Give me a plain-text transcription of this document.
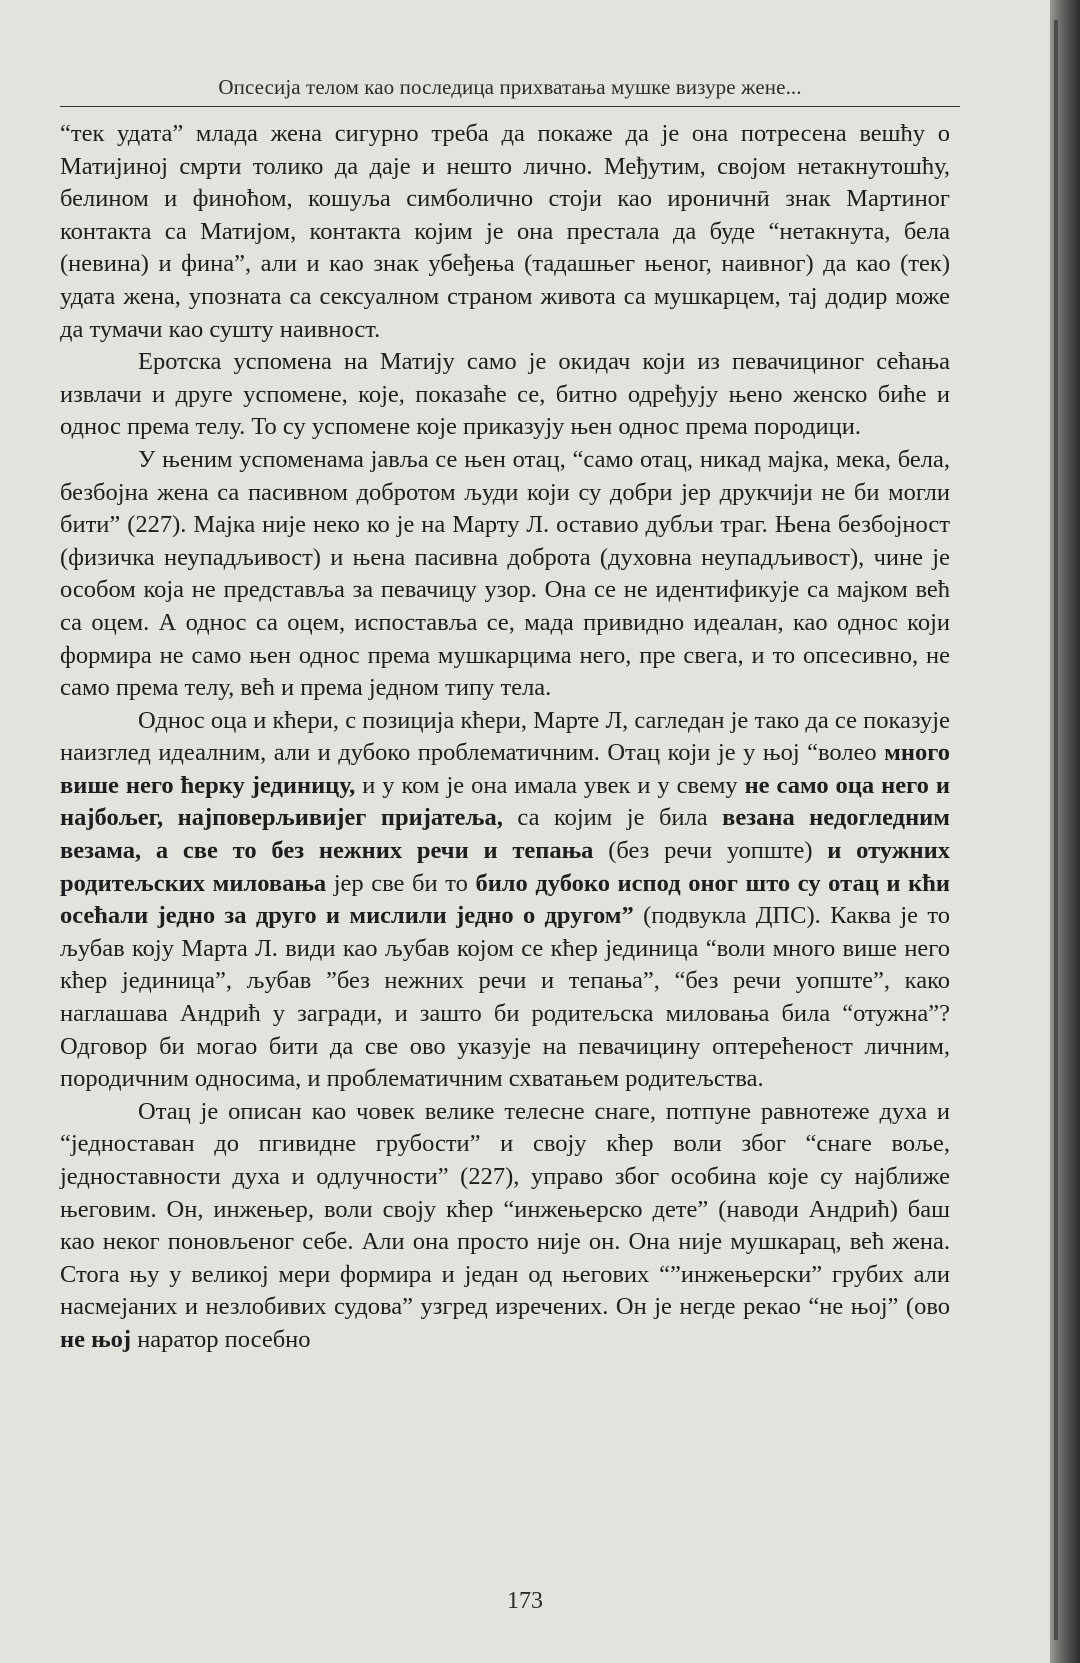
Опсесија телом као последица прихватања мушке визуре жене...

“тек удата” млада жена сигурно треба да покаже да је она потресена вешћу о Матијиној смрти толико да даје и нешто лично. Међутим, својом нетакнутошћу, белином и финоћом, кошуља симболично стоји као ироничнӣ знак Мартиног контакта са Матијом, контакта којим је она престала да буде “нетакнута, бела (невина) и фина”, али и као знак убеђења (тадашњег њеног, наивног) да као (тек) удата жена, упозната са сексуалном страном живота са мушкарцем, тај додир може да тумачи као сушту наивност.

Еротска успомена на Матију само је окидач који из певачициног сећања извлачи и друге успомене, које, показаће се, битно одређују њено женско биће и однос према телу. То су успомене које приказују њен однос према породици.

У њеним успоменама јавља се њен отац, “само отац, никад мајка, мека, бела, безбојна жена са пасивном добротом људи који су добри јер друкчији не би могли бити” (227). Мајка није неко ко је на Марту Л. оставио дубљи траг. Њена безбојност (физичка неупадљивост) и њена пасивна доброта (духовна неупадљивост), чине је особом која не представља за певачицу узор. Она се не идентификује са мајком већ са оцем. А однос са оцем, испоставља се, мада привидно идеалан, као однос који формира не само њен однос према мушкарцима него, пре свега, и то опсесивно, не само према телу, већ и према једном типу тела.

Однос оца и кћери, с позиција кћери, Марте Л, сагледан је тако да се показује наизглед идеалним, али и дубоко проблематичним. Отац који је у њој “волео много више него ћерку јединицу, и у ком је она имала увек и у свему не само оца него и најбољег, најповерљивијег пријатеља, са којим је била везана недогледним везама, а све то без нежних речи и тепања (без речи уопште) и отужних родитељских миловања јер све би то било дубоко испод оног што су отац и кћи осећали једно за друго и мислили једно о другом” (подвукла ДПС). Каква је то љубав коју Марта Л. види као љубав којом се кћер јединица “воли много више него кћер јединица”, љубав ”без нежних речи и тепања”, “без речи уопште”, како наглашава Андрић у загради, и зашто би родитељска миловања била “отужна”? Одговор би могао бити да све ово указује на певачицину оптерећеност личним, породичним односима, и проблематичним схватањем родитељства.

Отац је описан као човек велике телесне снаге, потпуне равнотеже духа и “једноставан до пгивидне грубости” и своју кћер воли због “снаге воље, једноставности духа и одлучности” (227), управо због особина које су најближе његовим. Он, инжењер, воли своју кћер “инжењерско дете” (наводи Андрић) баш као неког поновљеног себе. Али она просто није он. Она није мушкарац, већ жена. Стога њу у великој мери формира и један од његових “”инжењерски” грубих али насмејаних и незлобивих судова” узгред изречених. Он је негде рекао “не њој” (ово не њој наратор посебно

173
